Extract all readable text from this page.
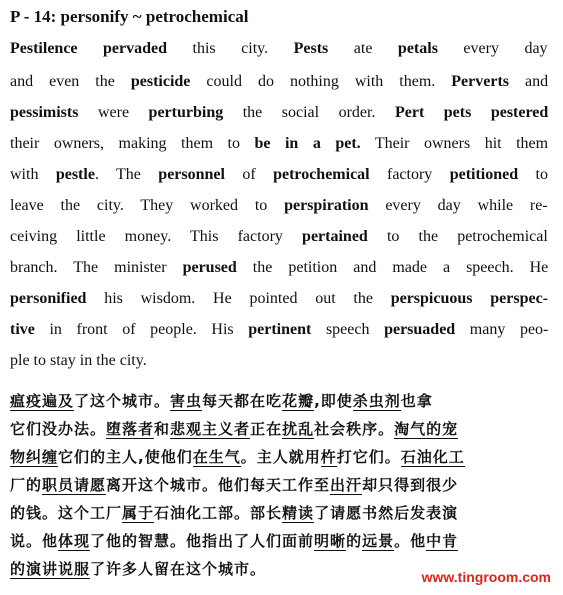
P - 14: personify ~ petrochemical
Pestilence pervaded this city. Pests ate petals every day
and even the pesticide could do nothing with them. Perverts and
pessimists were perturbing the social order. Pert pets pestered
their owners, making them to be in a pet. Their owners hit them
with pestle. The personnel of petrochemical factory petitioned to
leave the city. They worked to perspiration every day while re-
ceiving little money. This factory pertained to the petrochemical
branch. The minister perused the petition and made a speech. He
personified his wisdom. He pointed out the perspicuous perspec-
tive in front of people. His pertinent speech persuaded many peo-
ple to stay in the city.
瘟疫遍及了这个城市。害虫每天都在吃花瓣,即使杀虫剂也拿
它们没办法。堕落者和悲观主义者正在扰乱社会秩序。淘气的宠
物纠缠它们的主人,使他们在生气。主人就用杵打它们。石油化工
厂的职员请愿离开这个城市。他们每天工作至出汗却只得到很少
的钱。这个工厂属于石油化工部。部长精读了请愿书然后发表演
说。他体现了他的智慧。他指出了人们面前明晰的远景。他中肯
的演讲说服了许多人留在这个城市。	www.tingroom.com
